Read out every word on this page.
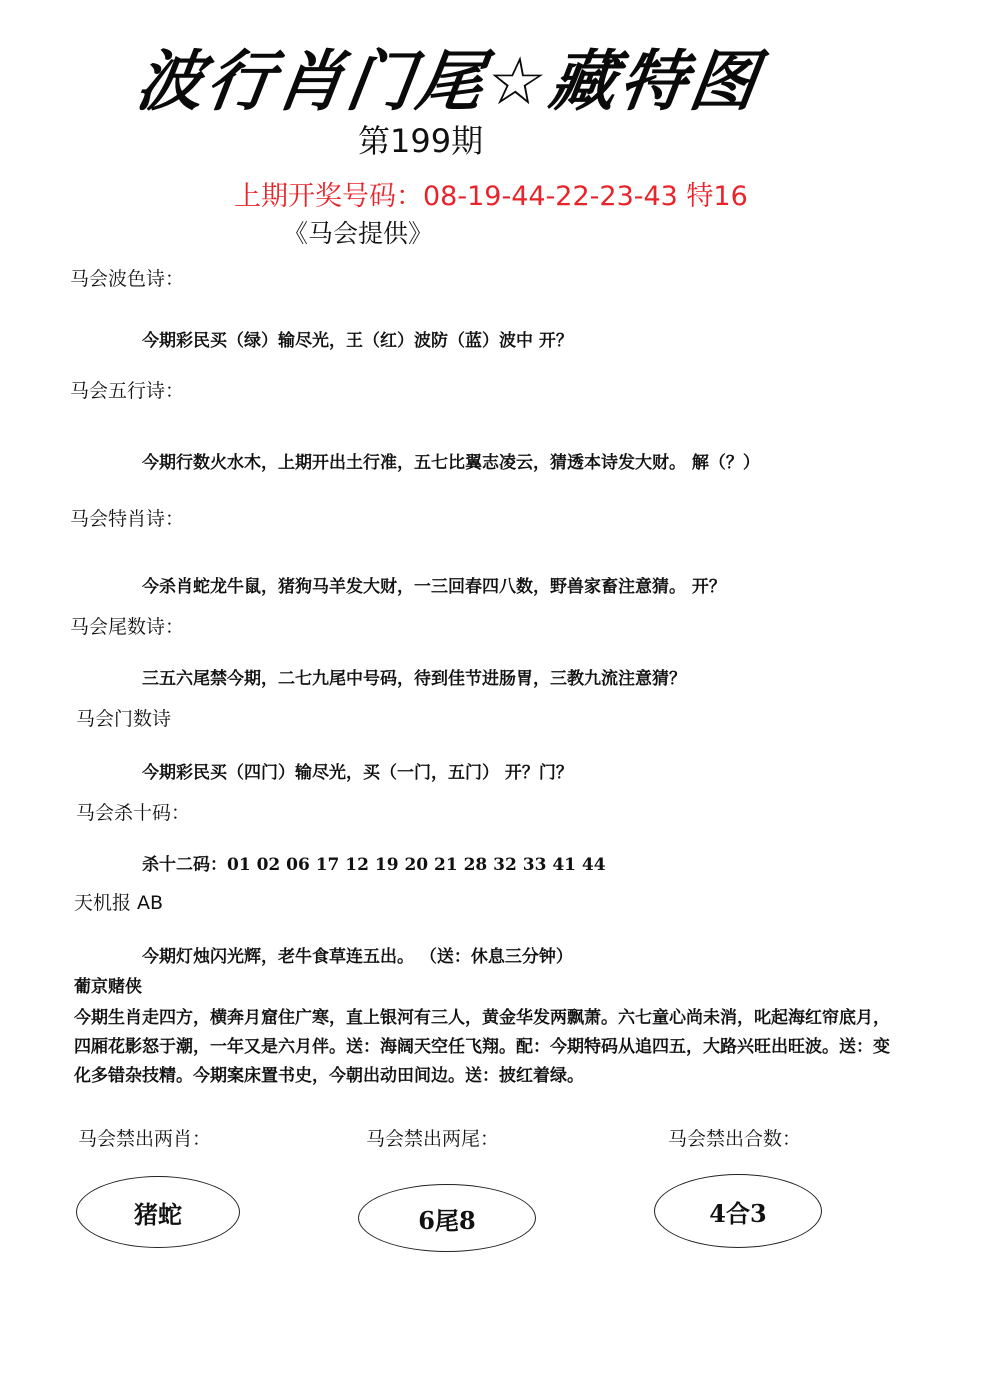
波行肖门尾☆藏特图
第199期
上期开奖号码：08-19-44-22-23-43 特16
《马会提供》
马会波色诗：
今期彩民买（绿）输尽光，王（红）波防（蓝）波中 开？
马会五行诗：
今期行数火水木，上期开出土行准，五七比翼志凌云，猜透本诗发大财。 解（？）
马会特肖诗：
今杀肖蛇龙牛鼠，猪狗马羊发大财，一三回春四八数，野兽家畜注意猜。 开？
马会尾数诗：
三五六尾禁今期，二七九尾中号码，待到佳节进肠胃，三教九流注意猜？
马会门数诗
今期彩民买（四门）输尽光，买（一门，五门） 开？门？
马会杀十码：
杀十二码：01 02 06 17 12 19 20 21 28 32 33 41 44
天机报 AB
今期灯烛闪光辉，老牛食草连五出。 （送：休息三分钟）
葡京赌侠
今期生肖走四方，横奔月窟住广寒，直上银河有三人，黄金华发两飘萧。六七童心尚未消，叱起海红帘底月，四厢花影怒于潮，一年又是六月伴。送：海阔天空任飞翔。配：今期特码从追四五，大路兴旺出旺波。送：变化多错杂技精。今期案床置书史，今朝出动田间边。送：披红着绿。
马会禁出两肖：	马会禁出两尾：	马会禁出合数：
猪蛇	6尾8	4合3
